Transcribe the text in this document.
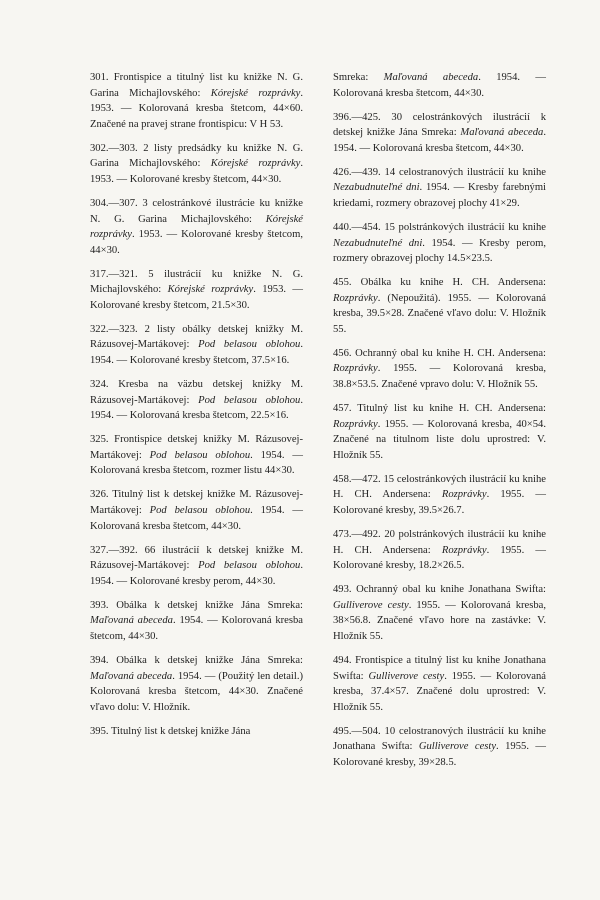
301. Frontispice a titulný list ku knižke N. G. Garina Michajlovského: Kórejské rozprávky. 1953. — Kolorovaná kresba štetcom, 44×60. Značené na pravej strane frontispicu: V H 53.

302.—303. 2 listy predsádky ku knižke N. G. Garina Michajlovského: Kórejské rozprávky. 1953. — Kolorované kresby štetcom, 44×30.

304.—307. 3 celostránkové ilustrácie ku knižke N. G. Garina Michajlovského: Kórejské rozprávky. 1953. — Kolorované kresby štetcom, 44×30.

317.—321. 5 ilustrácií ku knižke N. G. Michajlovského: Kórejské rozprávky. 1953. — Kolorované kresby štetcom, 21.5×30.

322.—323. 2 listy obálky detskej knižky M. Rázusovej-Martákovej: Pod belasou oblohou. 1954. — Kolorované kresby štetcom, 37.5×16.

324. Kresba na väzbu detskej knižky M. Rázusovej-Martákovej: Pod belasou oblohou. 1954. — Kolorovaná kresba štetcom, 22.5×16.

325. Frontispice detskej knižky M. Rázusovej-Martákovej: Pod belasou oblohou. 1954. — Kolorovaná kresba štetcom, rozmer listu 44×30.

326. Titulný list k detskej knižke M. Rázusovej-Martákovej: Pod belasou oblohou. 1954. — Kolorovaná kresba štetcom, 44×30.

327.—392. 66 ilustrácií k detskej knižke M. Rázusovej-Martákovej: Pod belasou oblohou. 1954. — Kolorované kresby perom, 44×30.

393. Obálka k detskej knižke Jána Smreka: Maľovaná abeceda. 1954. — Kolorovaná kresba štetcom, 44×30.

394. Obálka k detskej knižke Jána Smreka: Maľovaná abeceda. 1954. — (Použitý len detail.) Kolorovaná kresba štetcom, 44×30. Značené vľavo dolu: V. Hložník.

395. Titulný list k detskej knižke Jána

Smreka: Maľovaná abeceda. 1954. — Kolorovaná kresba štetcom, 44×30.

396.—425. 30 celostránkových ilustrácií k detskej knižke Jána Smreka: Maľovaná abeceda. 1954. — Kolorovaná kresba štetcom, 44×30.

426.—439. 14 celostranových ilustrácií ku knihe Nezabudnuteľné dni. 1954. — Kresby farebnými kriedami, rozmery obrazovej plochy 41×29.

440.—454. 15 polstránkových ilustrácií ku knihe Nezabudnuteľné dni. 1954. — Kresby perom, rozmery obrazovej plochy 14.5×23.5.

455. Obálka ku knihe H. CH. Andersena: Rozprávky. (Nepoužitá). 1955. — Kolorovaná kresba, 39.5×28. Značené vľavo dolu: V. Hložník 55.

456. Ochranný obal ku knihe H. CH. Andersena: Rozprávky. 1955. — Kolorovaná kresba, 38.8×53.5. Značené vpravo dolu: V. Hložník 55.

457. Titulný list ku knihe H. CH. Andersena: Rozprávky. 1955. — Kolorovaná kresba, 40×54. Značené na titulnom liste dolu uprostred: V. Hložník 55.

458.—472. 15 celostránkových ilustrácií ku knihe H. CH. Andersena: Rozprávky. 1955. — Kolorované kresby, 39.5×26.7.

473.—492. 20 polstránkových ilustrácií ku knihe H. CH. Andersena: Rozprávky. 1955. — Kolorované kresby, 18.2×26.5.

493. Ochranný obal ku knihe Jonathana Swifta: Gulliverove cesty. 1955. — Kolorovaná kresba, 38×56.8. Značené vľavo hore na zastávke: V. Hložník 55.

494. Frontispice a titulný list ku knihe Jonathana Swifta: Gulliverove cesty. 1955. — Kolorovaná kresba, 37.4×57. Značené dolu uprostred: V. Hložník 55.

495.—504. 10 celostranových ilustrácií ku knihe Jonathana Swifta: Gulliverove cesty. 1955. — Kolorované kresby, 39×28.5.
